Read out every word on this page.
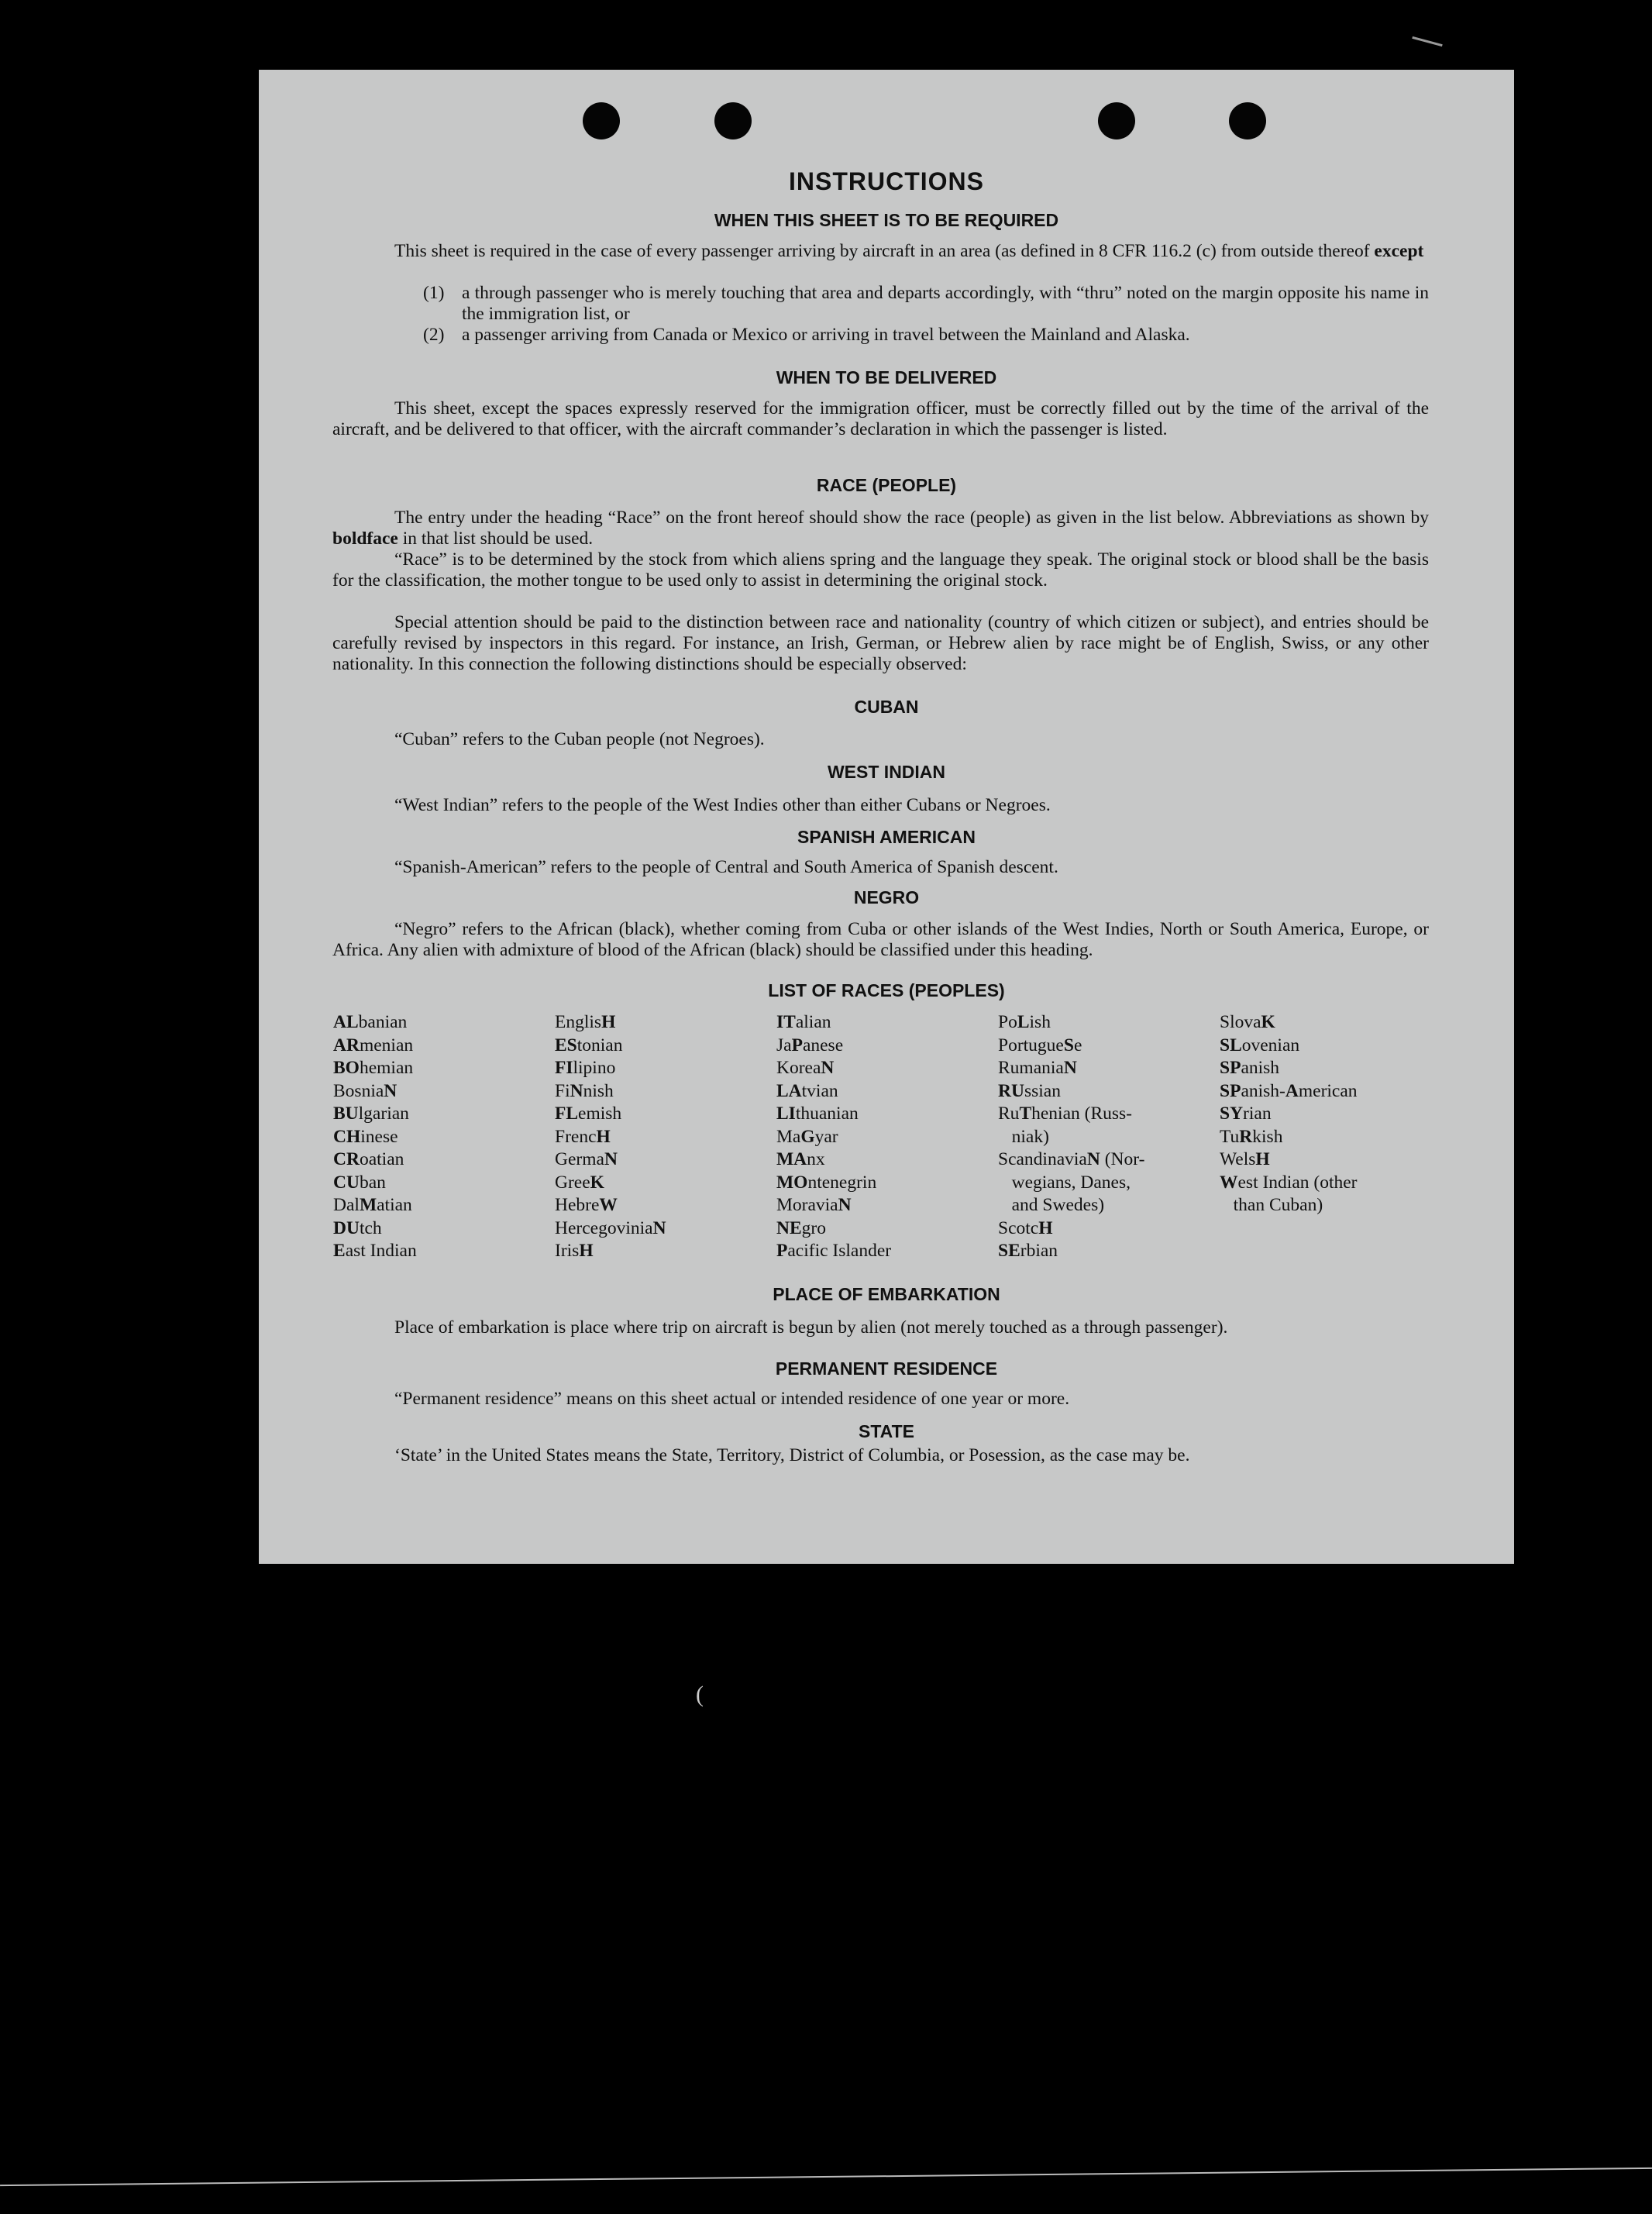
INSTRUCTIONS
WHEN THIS SHEET IS TO BE REQUIRED
This sheet is required in the case of every passenger arriving by aircraft in an area (as defined in 8 CFR 116.2 (c) from outside thereof except
(1) a through passenger who is merely touching that area and departs accordingly, with “thru” noted on the margin opposite his name in the immigration list, or
(2) a passenger arriving from Canada or Mexico or arriving in travel between the Mainland and Alaska.
WHEN TO BE DELIVERED
This sheet, except the spaces expressly reserved for the immigration officer, must be correctly filled out by the time of the arrival of the aircraft, and be delivered to that officer, with the aircraft commander’s declaration in which the passenger is listed.
RACE (PEOPLE)
The entry under the heading “Race” on the front hereof should show the race (people) as given in the list below. Abbreviations as shown by boldface in that list should be used.
“Race” is to be determined by the stock from which aliens spring and the language they speak. The original stock or blood shall be the basis for the classification, the mother tongue to be used only to assist in determining the original stock.
Special attention should be paid to the distinction between race and nationality (country of which citizen or subject), and entries should be carefully revised by inspectors in this regard. For instance, an Irish, German, or Hebrew alien by race might be of English, Swiss, or any other nationality. In this connection the following distinctions should be especially observed:
CUBAN
“Cuban” refers to the Cuban people (not Negroes).
WEST INDIAN
“West Indian” refers to the people of the West Indies other than either Cubans or Negroes.
SPANISH AMERICAN
“Spanish-American” refers to the people of Central and South America of Spanish descent.
NEGRO
“Negro” refers to the African (black), whether coming from Cuba or other islands of the West Indies, North or South America, Europe, or Africa. Any alien with admixture of blood of the African (black) should be classified under this heading.
LIST OF RACES (PEOPLES)
ALbanian
ARmenian
BOhemian
BosniaN
BUlgarian
CHinese
CRoatian
CUban
DalMatian
DUtch
East Indian
EnglisH
EStonian
FIlipino
FiNnish
FLemish
FrencH
GermaN
GreeK
HebreW
HercegoviniaN
IrisH
ITalian
JaPanese
KoreaN
LAtvian
LIthuanian
MaGyar
MAnx
MOntenegrin
MoraviaN
NEgro
Pacific Islander
PoLish
PortugueSe
RumaniaN
RUssian
RuThenian (Russ-
niak)
ScandinaviaN (Nor-
wegians, Danes,
and Swedes)
ScotcH
SErbian
SlovaK
SLovenian
SPanish
SPanish-American
SYrian
TuRkish
WelsH
West Indian (other
than Cuban)
PLACE OF EMBARKATION
Place of embarkation is place where trip on aircraft is begun by alien (not merely touched as a through passenger).
PERMANENT RESIDENCE
“Permanent residence” means on this sheet actual or intended residence of one year or more.
STATE
‘State’ in the United States means the State, Territory, District of Columbia, or Posession, as the case may be.
(
